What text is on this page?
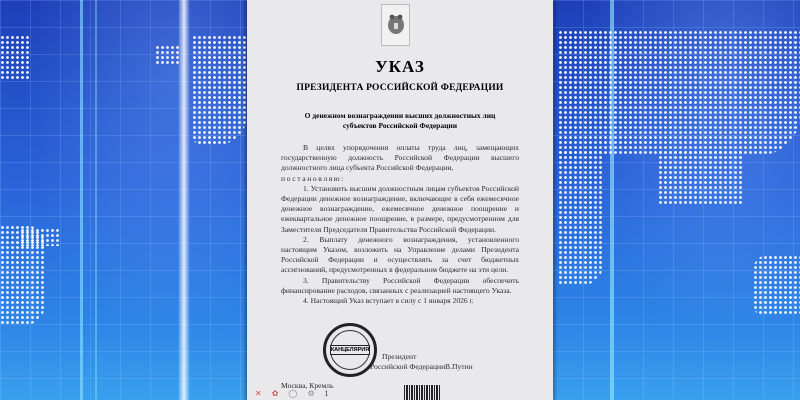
УКАЗ
ПРЕЗИДЕНТА РОССИЙСКОЙ ФЕДЕРАЦИИ
О денежном вознаграждении высших должностных лиц
субъектов Российской Федерации

В целях упорядочения оплаты труда лиц, замещающих государственную должность Российской Федерации высшего должностного лица субъекта Российской Федерации,

постановляю:

1. Установить высшим должностным лицам субъектов Российской Федерации денежное вознаграждение, включающее в себя ежемесячное денежное вознаграждение, ежемесячное денежное поощрение и ежеквартальное денежное поощрение, в размере, предусмотренном для Заместителя Председателя Правительства Российской Федерации.

2. Выплату денежного вознаграждения, установленного настоящим Указом, возложить на Управление делами Президента Российской Федерации и осуществлять за счет бюджетных ассигнований, предусмотренных в федеральном бюджете на эти цели.

3. Правительству Российской Федерации обеспечить финансирование расходов, связанных с реализацией настоящего Указа.

4. Настоящий Указ вступает в силу с 1 января 2026 г.

КАНЦЕЛЯРИЯ
Президент
Российской Федерации В.Путин
Москва, Кремль
✕ ✿ ◯ ⚙ 1
